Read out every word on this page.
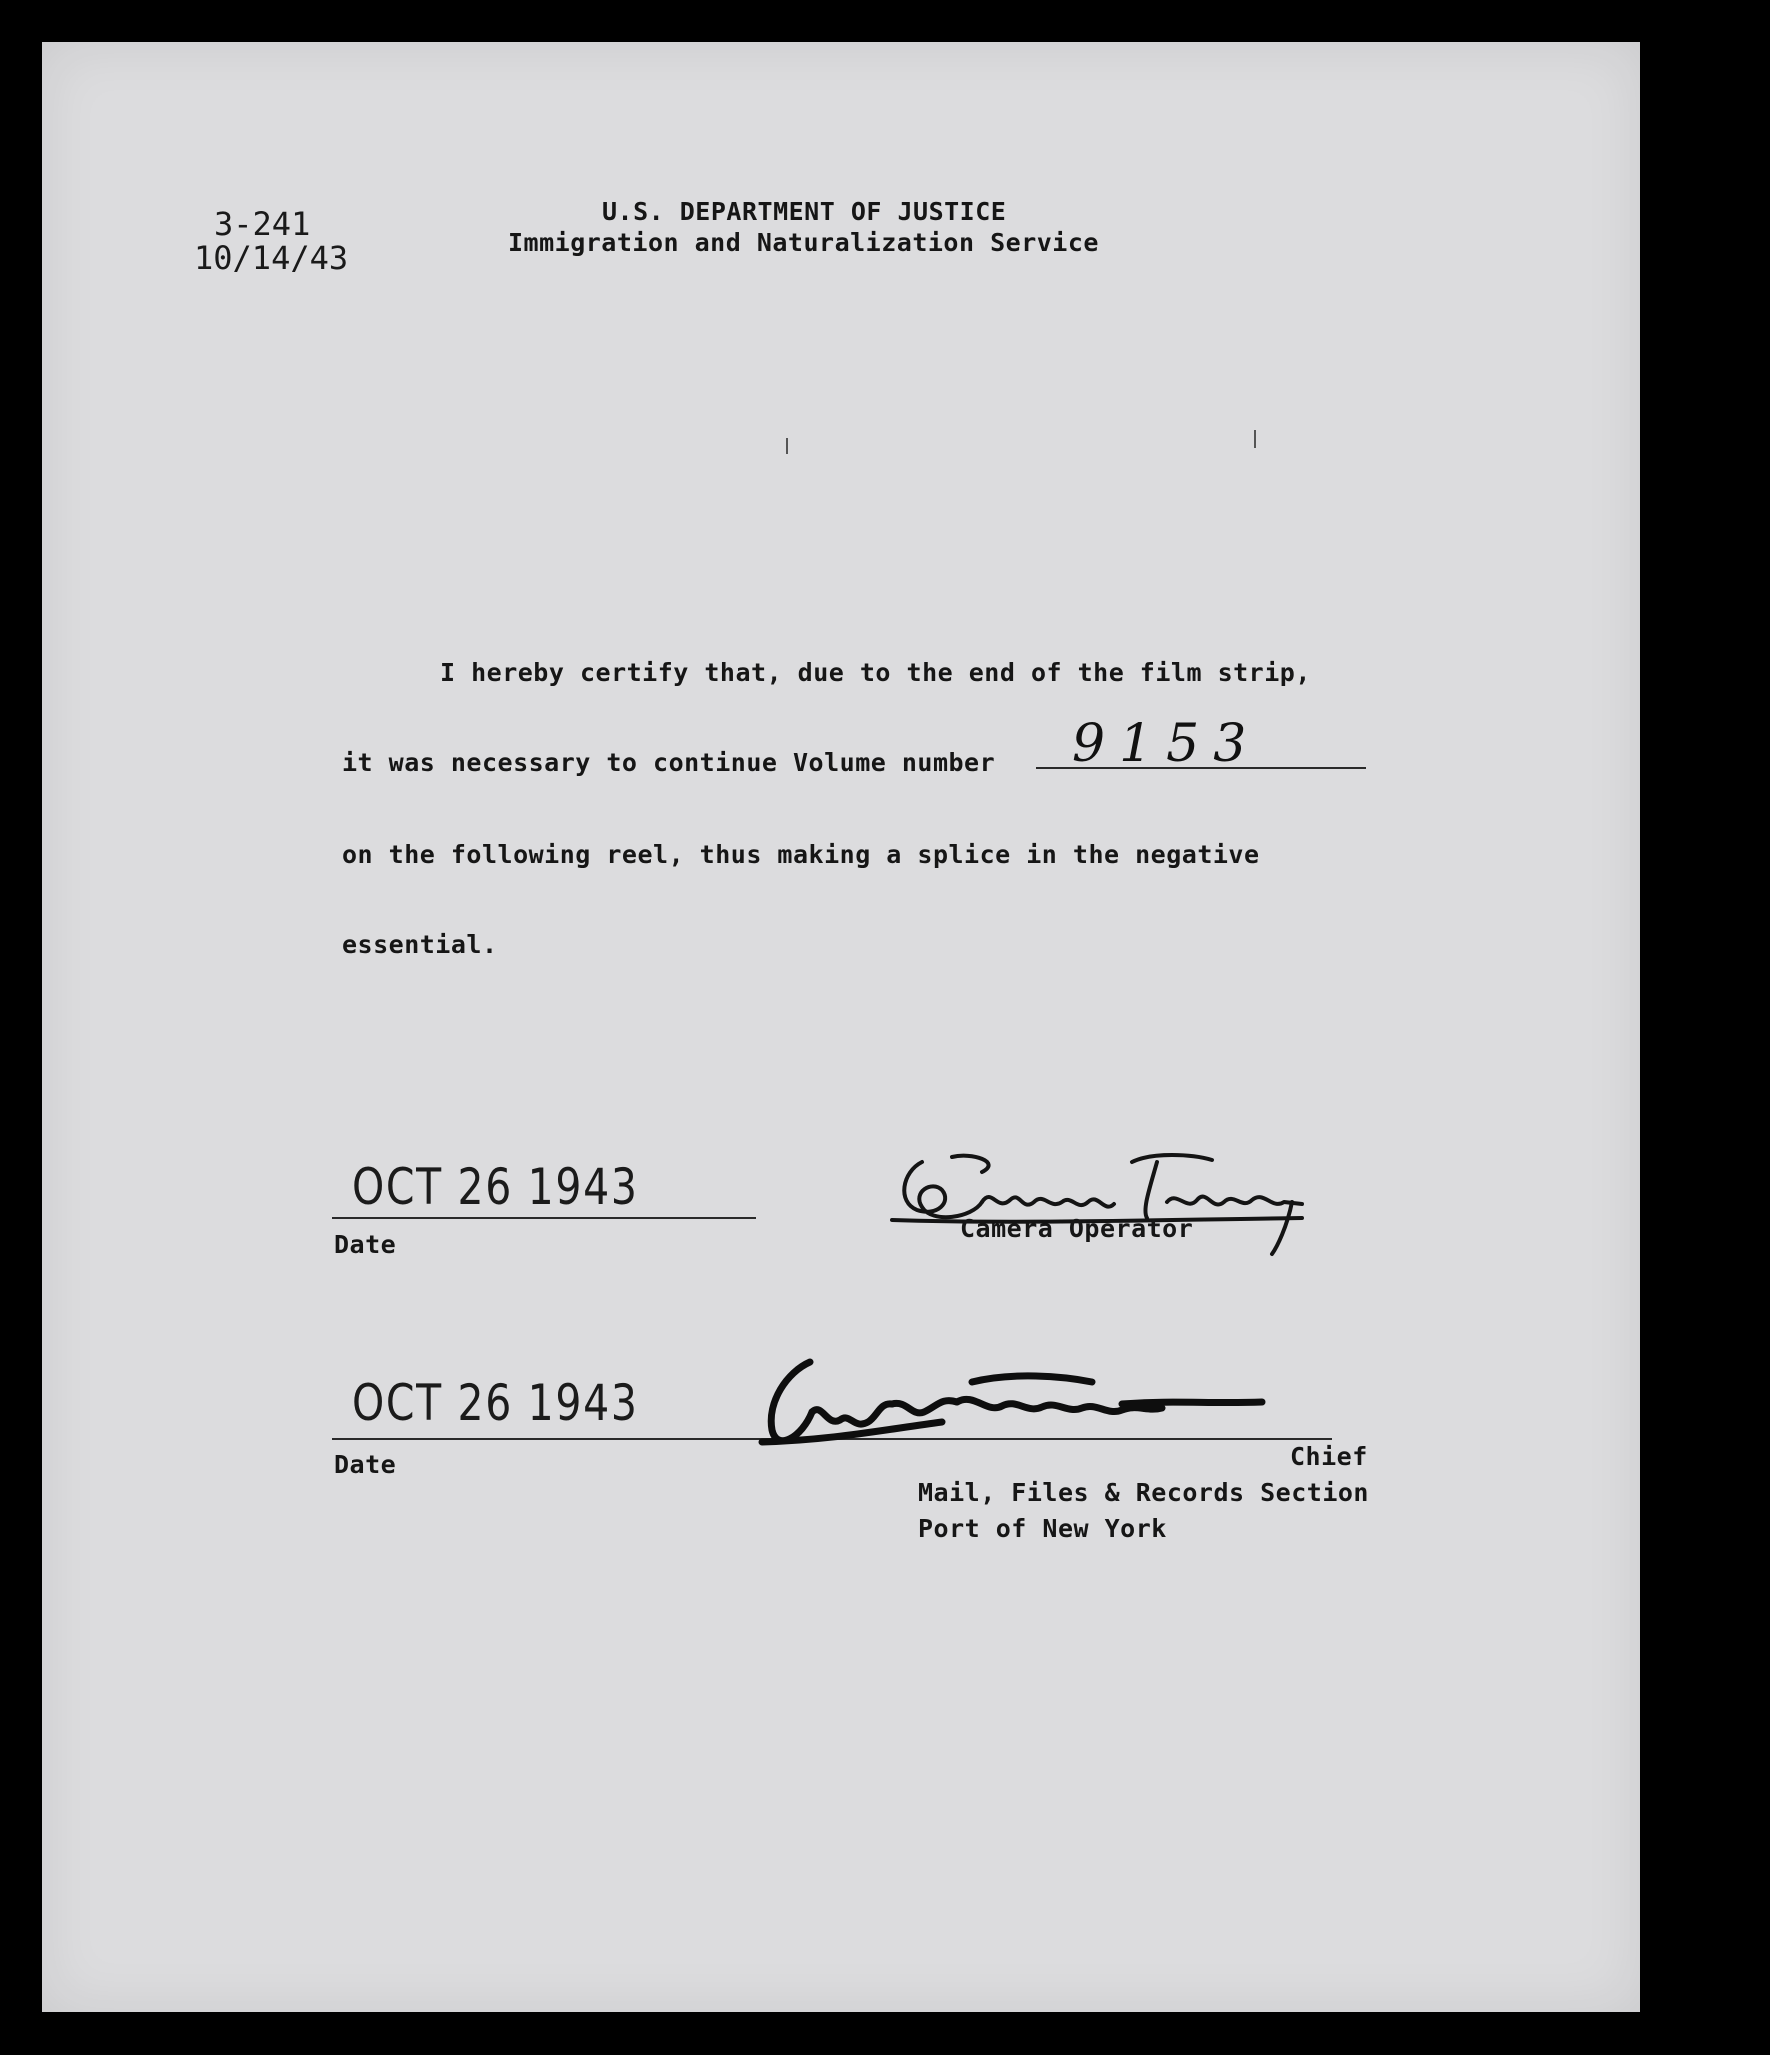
3-241
10/14/43
U.S. DEPARTMENT OF JUSTICE
Immigration and Naturalization Service
I hereby certify that, due to the end of the film strip,
it was necessary to continue Volume number 9153
on the following reel, thus making a splice in the negative
essential.
OCT 26 1943
Date
Camera Operator
OCT 26 1943
Date	Chief
Mail, Files & Records Section
Port of New York
